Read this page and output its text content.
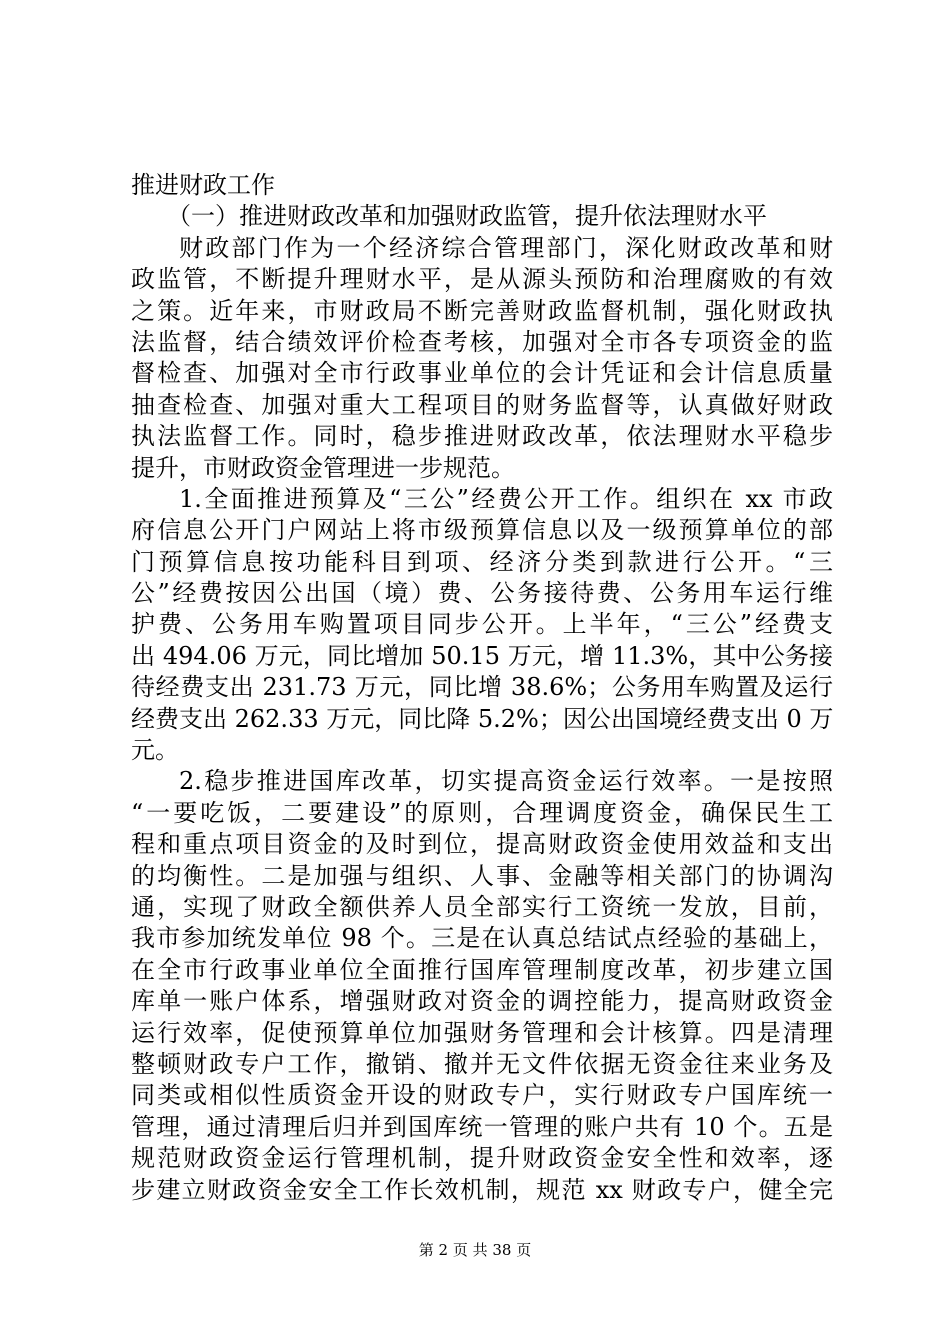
推进财政工作
（一）推进财政改革和加强财政监管，提升依法理财水平
财政部门作为一个经济综合管理部门，深化财政改革和财
政监管，不断提升理财水平，是从源头预防和治理腐败的有效
之策。近年来，市财政局不断完善财政监督机制，强化财政执
法监督，结合绩效评价检查考核，加强对全市各专项资金的监
督检查、加强对全市行政事业单位的会计凭证和会计信息质量
抽查检查、加强对重大工程项目的财务监督等，认真做好财政
执法监督工作。同时，稳步推进财政改革，依法理财水平稳步
提升，市财政资金管理进一步规范。
1.全面推进预算及“三公”经费公开工作。组织在 xx 市政
府信息公开门户网站上将市级预算信息以及一级预算单位的部
门预算信息按功能科目到项、经济分类到款进行公开。“三
公”经费按因公出国（境）费、公务接待费、公务用车运行维
护费、公务用车购置项目同步公开。上半年，“三公”经费支
出 494.06 万元，同比增加 50.15 万元，增 11.3%，其中公务接
待经费支出 231.73 万元，同比增 38.6%；公务用车购置及运行
经费支出 262.33 万元，同比降 5.2%；因公出国境经费支出 0 万
元。
2.稳步推进国库改革，切实提高资金运行效率。一是按照
“一要吃饭，二要建设”的原则，合理调度资金，确保民生工
程和重点项目资金的及时到位，提高财政资金使用效益和支出
的均衡性。二是加强与组织、人事、金融等相关部门的协调沟
通，实现了财政全额供养人员全部实行工资统一发放，目前，
我市参加统发单位 98 个。三是在认真总结试点经验的基础上，
在全市行政事业单位全面推行国库管理制度改革，初步建立国
库单一账户体系，增强财政对资金的调控能力，提高财政资金
运行效率，促使预算单位加强财务管理和会计核算。四是清理
整顿财政专户工作，撤销、撤并无文件依据无资金往来业务及
同类或相似性质资金开设的财政专户，实行财政专户国库统一
管理，通过清理后归并到国库统一管理的账户共有 10 个。五是
规范财政资金运行管理机制，提升财政资金安全性和效率，逐
步建立财政资金安全工作长效机制，规范 xx 财政专户，健全完
第 2 页 共 38 页
